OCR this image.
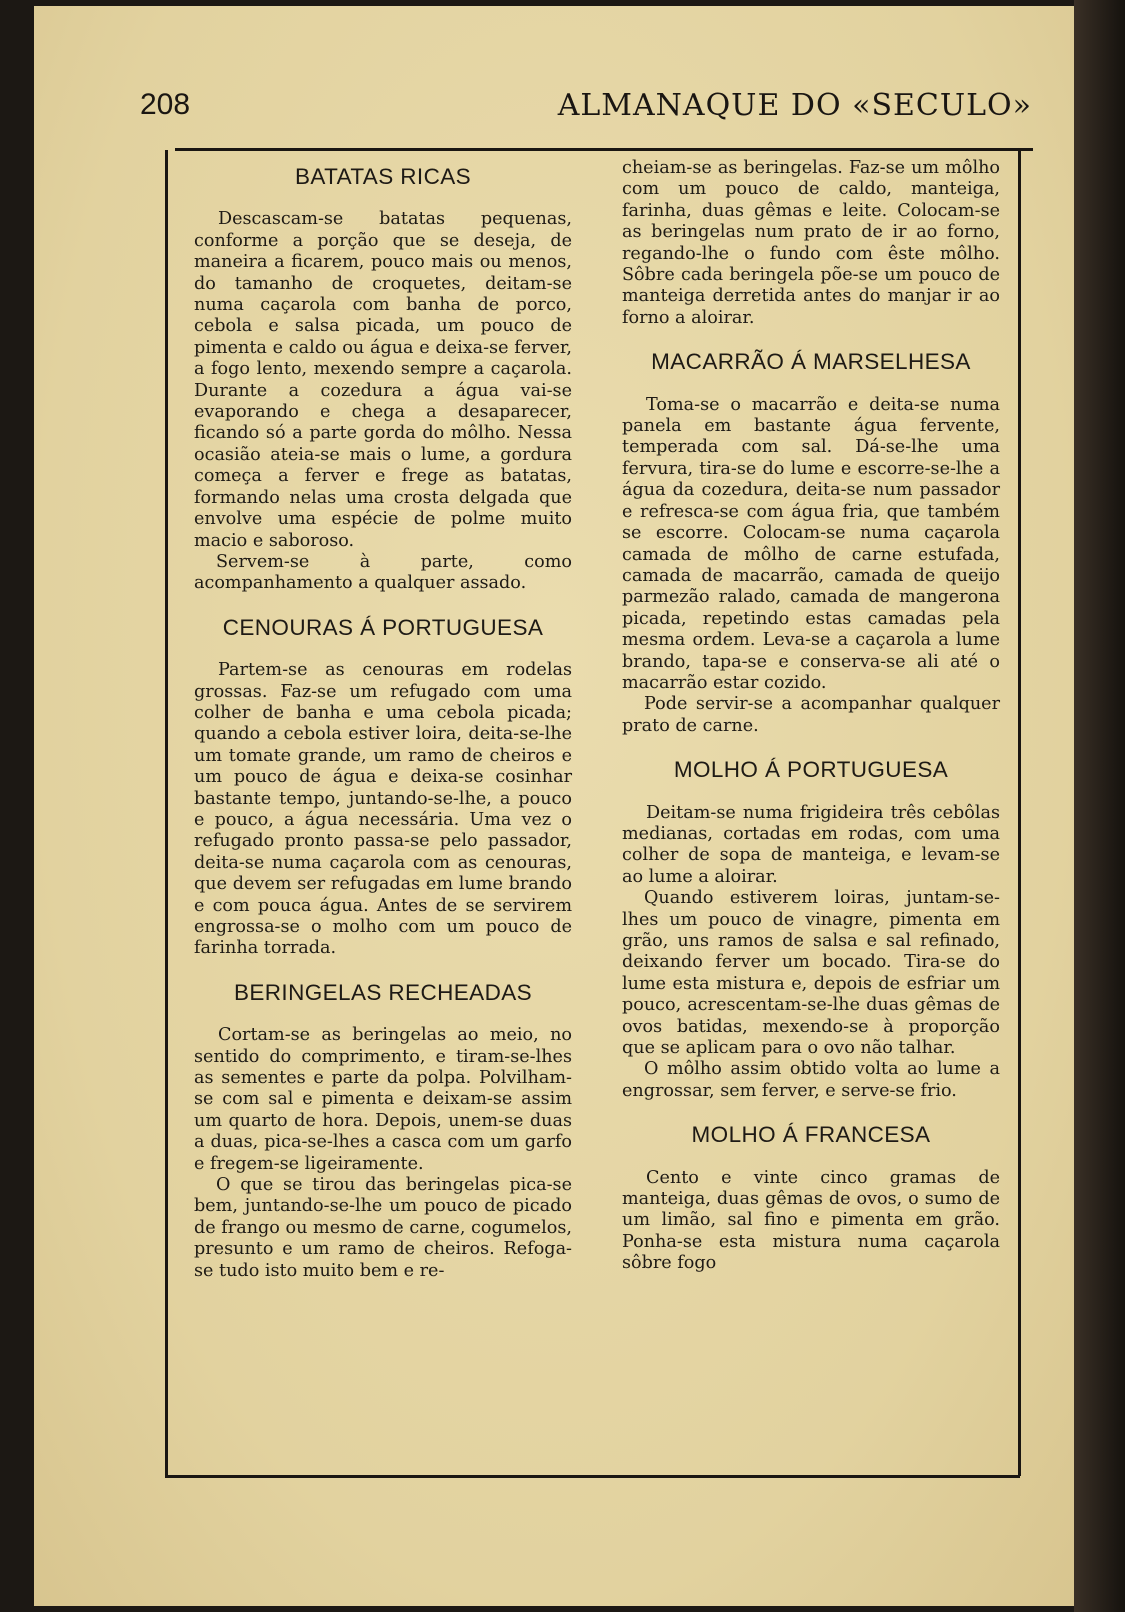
208	ALMANAQUE DO «SECULO»
BATATAS RICAS

Descascam-se batatas pequenas, conforme a porção que se deseja, de maneira a ficarem, pouco mais ou menos, do tamanho de croquetes, deitam-se numa caçarola com banha de porco, cebola e salsa picada, um pouco de pimenta e caldo ou água e deixa-se ferver, a fogo lento, mexendo sempre a caçarola. Durante a cozedura a água vai-se evaporando e chega a desaparecer, ficando só a parte gorda do môlho. Nessa ocasião ateia-se mais o lume, a gordura começa a ferver e frege as batatas, formando nelas uma crosta delgada que envolve uma espécie de polme muito macio e saboroso.

Servem-se à parte, como acompanhamento a qualquer assado.

CENOURAS Á PORTUGUESA

Partem-se as cenouras em rodelas grossas. Faz-se um refugado com uma colher de banha e uma cebola picada; quando a cebola estiver loira, deita-se-lhe um tomate grande, um ramo de cheiros e um pouco de água e deixa-se cosinhar bastante tempo, juntando-se-lhe, a pouco e pouco, a água necessária. Uma vez o refugado pronto passa-se pelo passador, deita-se numa caçarola com as cenouras, que devem ser refugadas em lume brando e com pouca água. Antes de se servirem engrossa-se o molho com um pouco de farinha torrada.

BERINGELAS RECHEADAS

Cortam-se as beringelas ao meio, no sentido do comprimento, e tiram-se-lhes as sementes e parte da polpa. Polvilham-se com sal e pimenta e deixam-se assim um quarto de hora. Depois, unem-se duas a duas, pica-se-lhes a casca com um garfo e fregem-se ligeiramente.

O que se tirou das beringelas pica-se bem, juntando-se-lhe um pouco de picado de frango ou mesmo de carne, cogumelos, presunto e um ramo de cheiros. Refoga-se tudo isto muito bem e re-

cheiam-se as beringelas. Faz-se um môlho com um pouco de caldo, manteiga, farinha, duas gêmas e leite. Colocam-se as beringelas num prato de ir ao forno, regando-lhe o fundo com êste môlho. Sôbre cada beringela põe-se um pouco de manteiga derretida antes do manjar ir ao forno a aloirar.

MACARRÃO Á MARSELHESA

Toma-se o macarrão e deita-se numa panela em bastante água fervente, temperada com sal. Dá-se-lhe uma fervura, tira-se do lume e escorre-se-lhe a água da cozedura, deita-se num passador e refresca-se com água fria, que também se escorre. Colocam-se numa caçarola camada de môlho de carne estufada, camada de macarrão, camada de queijo parmezão ralado, camada de mangerona picada, repetindo estas camadas pela mesma ordem. Leva-se a caçarola a lume brando, tapa-se e conserva-se ali até o macarrão estar cozido.

Pode servir-se a acompanhar qualquer prato de carne.

MOLHO Á PORTUGUESA

Deitam-se numa frigideira três cebôlas medianas, cortadas em rodas, com uma colher de sopa de manteiga, e levam-se ao lume a aloirar.

Quando estiverem loiras, juntam-se-lhes um pouco de vinagre, pimenta em grão, uns ramos de salsa e sal refinado, deixando ferver um bocado. Tira-se do lume esta mistura e, depois de esfriar um pouco, acrescentam-se-lhe duas gêmas de ovos batidas, mexendo-se à proporção que se aplicam para o ovo não talhar.

O môlho assim obtido volta ao lume a engrossar, sem ferver, e serve-se frio.

MOLHO Á FRANCESA

Cento e vinte cinco gramas de manteiga, duas gêmas de ovos, o sumo de um limão, sal fino e pimenta em grão. Ponha-se esta mistura numa caçarola sôbre fogo
